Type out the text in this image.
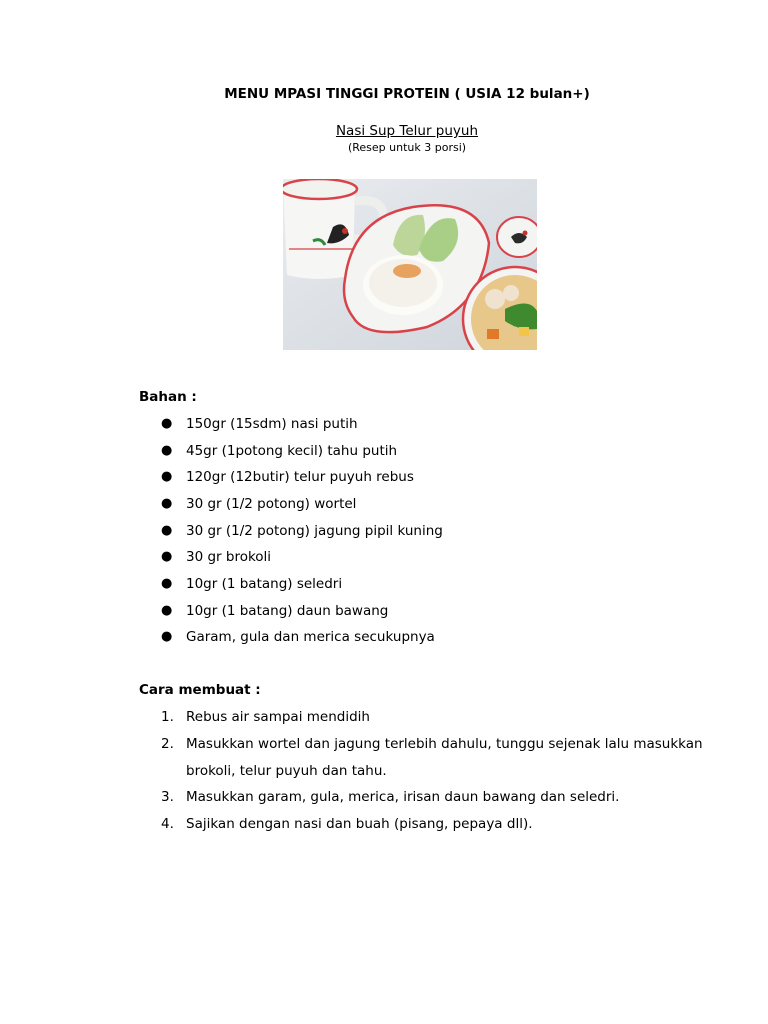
MENU MPASI TINGGI PROTEIN ( USIA 12 bulan+)
Nasi Sup Telur puyuh
(Resep untuk 3 porsi)
Bahan :
● 150gr (15sdm) nasi putih
● 45gr (1potong kecil) tahu putih
● 120gr (12butir) telur puyuh rebus
● 30 gr (1/2 potong) wortel
● 30 gr (1/2 potong) jagung pipil kuning
● 30 gr brokoli
● 10gr (1 batang) seledri
● 10gr (1 batang) daun bawang
● Garam, gula dan merica secukupnya
Cara membuat :
1. Rebus air sampai mendidih
2. Masukkan wortel dan jagung terlebih dahulu, tunggu sejenak lalu masukkan
brokoli, telur puyuh dan tahu.
3. Masukkan garam, gula, merica, irisan daun bawang dan seledri.
4. Sajikan dengan nasi dan buah (pisang, pepaya dll).
